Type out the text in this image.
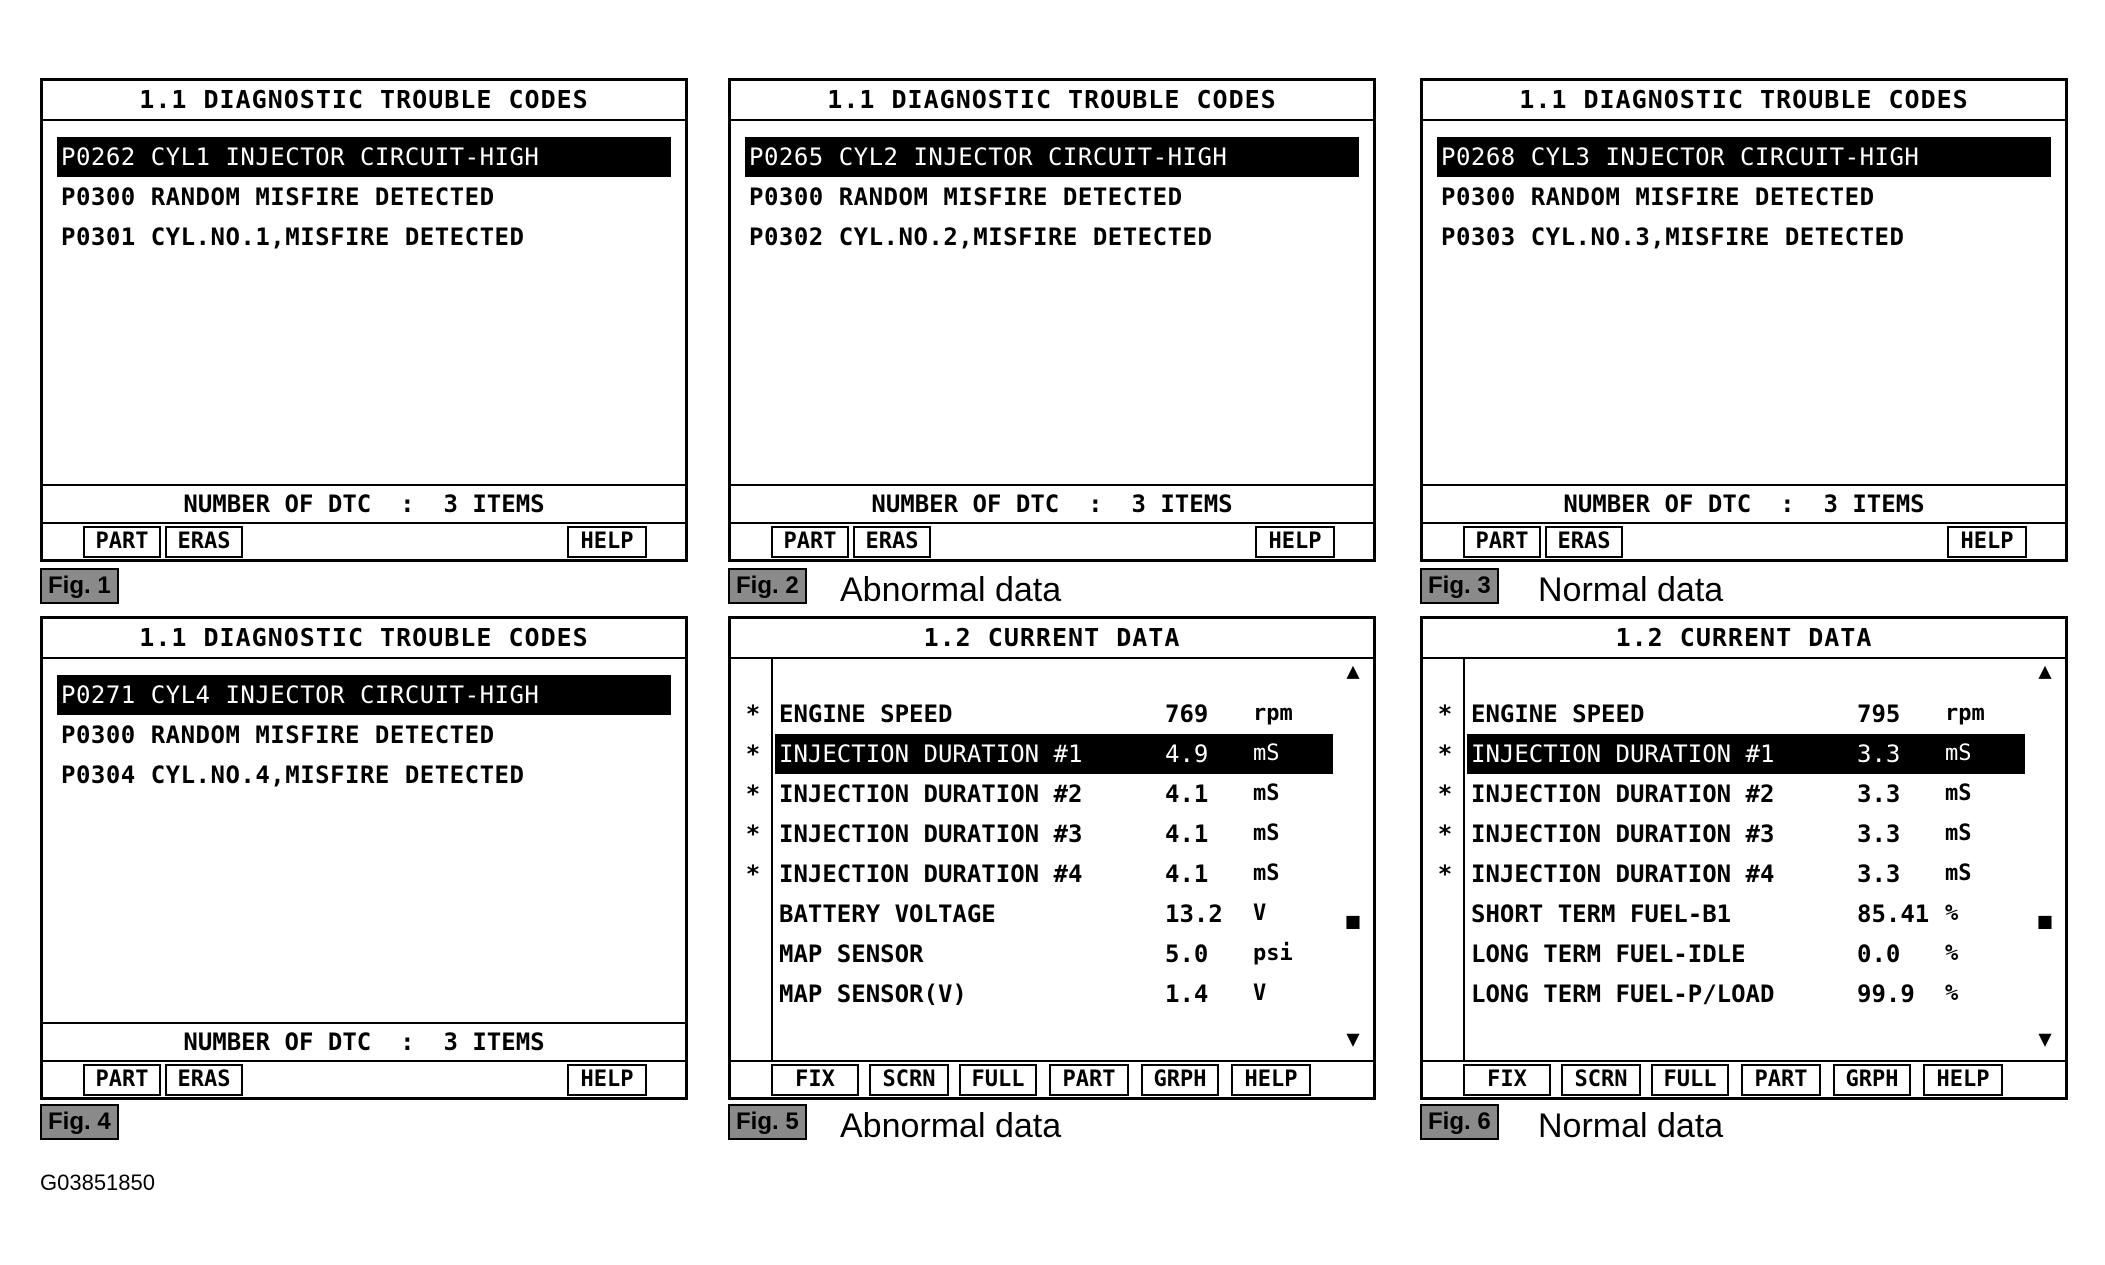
1.1 DIAGNOSTIC TROUBLE CODES
P0262 CYL1 INJECTOR CIRCUIT-HIGH
P0300 RANDOM MISFIRE DETECTED
P0301 CYL.NO.1,MISFIRE DETECTED
NUMBER OF DTC  :  3 ITEMS
PART	ERAS	HELP
Fig. 1
1.1 DIAGNOSTIC TROUBLE CODES
P0265 CYL2 INJECTOR CIRCUIT-HIGH
P0300 RANDOM MISFIRE DETECTED
P0302 CYL.NO.2,MISFIRE DETECTED
NUMBER OF DTC  :  3 ITEMS
PART	ERAS	HELP
Fig. 2 Abnormal data
1.1 DIAGNOSTIC TROUBLE CODES
P0268 CYL3 INJECTOR CIRCUIT-HIGH
P0300 RANDOM MISFIRE DETECTED
P0303 CYL.NO.3,MISFIRE DETECTED
NUMBER OF DTC  :  3 ITEMS
PART	ERAS	HELP
Fig. 3 Normal data
1.1 DIAGNOSTIC TROUBLE CODES
P0271 CYL4 INJECTOR CIRCUIT-HIGH
P0300 RANDOM MISFIRE DETECTED
P0304 CYL.NO.4,MISFIRE DETECTED
NUMBER OF DTC  :  3 ITEMS
PART	ERAS	HELP
Fig. 4
1.2 CURRENT DATA
▲
■
▼
* ENGINE SPEED	769 rpm
* INJECTION DURATION #1	4.9 mS
* INJECTION DURATION #2	4.1 mS
* INJECTION DURATION #3	4.1 mS
* INJECTION DURATION #4	4.1 mS
BATTERY VOLTAGE	13.2 V
MAP SENSOR	5.0 psi
MAP SENSOR(V)	1.4 V
FIX	SCRN	FULL	PART	GRPH	HELP
Fig. 5 Abnormal data
1.2 CURRENT DATA
▲
■
▼
* ENGINE SPEED	795 rpm
* INJECTION DURATION #1	3.3 mS
* INJECTION DURATION #2	3.3 mS
* INJECTION DURATION #3	3.3 mS
* INJECTION DURATION #4	3.3 mS
SHORT TERM FUEL-B1	85.41 %
LONG TERM FUEL-IDLE	0.0 %
LONG TERM FUEL-P/LOAD	99.9 %
FIX	SCRN	FULL	PART	GRPH	HELP
Fig. 6 Normal data
G03851850
